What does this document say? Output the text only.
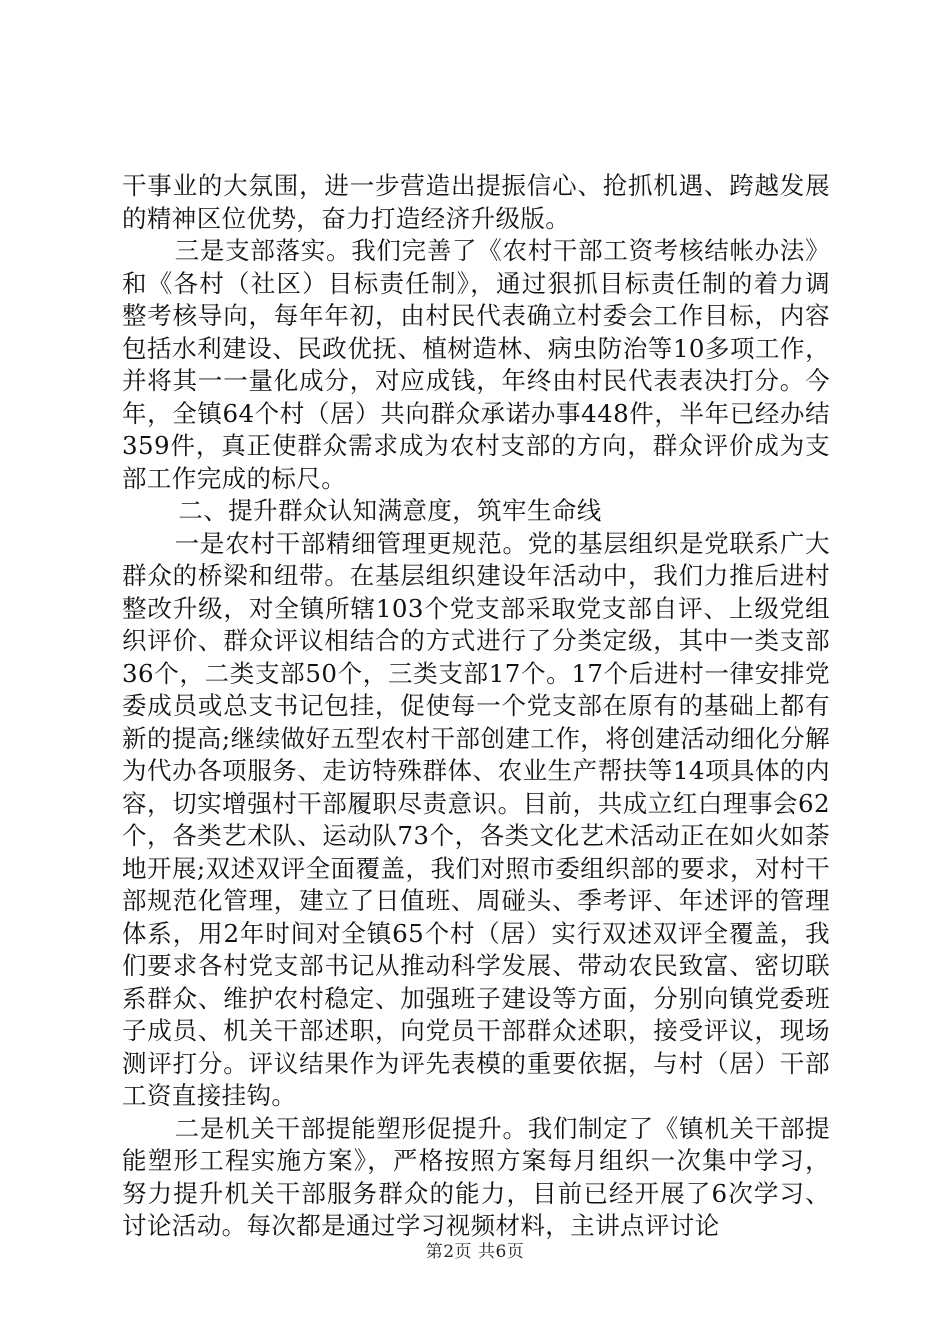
干事业的大氛围，进一步营造出提振信心、抢抓机遇、跨越发展的精神区位优势，奋力打造经济升级版。

三是支部落实。我们完善了《农村干部工资考核结帐办法》和《各村（社区）目标责任制》，通过狠抓目标责任制的着力调整考核导向，每年年初，由村民代表确立村委会工作目标，内容包括水利建设、民政优抚、植树造林、病虫防治等10多项工作，并将其一一量化成分，对应成钱，年终由村民代表表决打分。今年，全镇64个村（居）共向群众承诺办事448件，半年已经办结359件，真正使群众需求成为农村支部的方向，群众评价成为支部工作完成的标尺。

二、提升群众认知满意度，筑牢生命线

一是农村干部精细管理更规范。党的基层组织是党联系广大群众的桥梁和纽带。在基层组织建设年活动中，我们力推后进村整改升级，对全镇所辖103个党支部采取党支部自评、上级党组织评价、群众评议相结合的方式进行了分类定级，其中一类支部36个，二类支部50个，三类支部17个。17个后进村一律安排党委成员或总支书记包挂，促使每一个党支部在原有的基础上都有新的提高;继续做好五型农村干部创建工作，将创建活动细化分解为代办各项服务、走访特殊群体、农业生产帮扶等14项具体的内容，切实增强村干部履职尽责意识。目前，共成立红白理事会62个，各类艺术队、运动队73个，各类文化艺术活动正在如火如荼地开展;双述双评全面覆盖，我们对照市委组织部的要求，对村干部规范化管理，建立了日值班、周碰头、季考评、年述评的管理体系，用2年时间对全镇65个村（居）实行双述双评全覆盖，我们要求各村党支部书记从推动科学发展、带动农民致富、密切联系群众、维护农村稳定、加强班子建设等方面，分别向镇党委班子成员、机关干部述职，向党员干部群众述职，接受评议，现场测评打分。评议结果作为评先表模的重要依据，与村（居）干部工资直接挂钩。

二是机关干部提能塑形促提升。我们制定了《镇机关干部提能塑形工程实施方案》，严格按照方案每月组织一次集中学习，努力提升机关干部服务群众的能力，目前已经开展了6次学习、讨论活动。每次都是通过学习视频材料，主讲点评讨论

第2页 共6页
